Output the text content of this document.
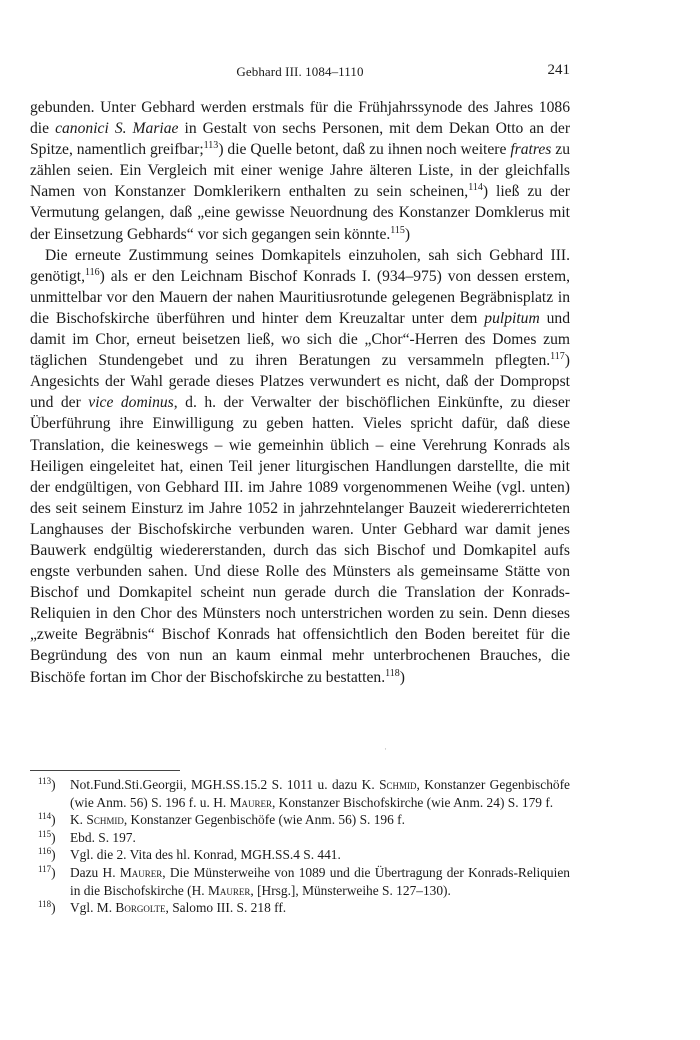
Gebhard III. 1084–1110	241

gebunden. Unter Gebhard werden erstmals für die Frühjahrssynode des Jahres 1086 die canonici S. Mariae in Gestalt von sechs Personen, mit dem Dekan Otto an der Spitze, namentlich greifbar;$^{113}$) die Quelle betont, daß zu ihnen noch weitere fratres zu zählen seien. Ein Vergleich mit einer wenige Jahre älteren Liste, in der gleichfalls Namen von Konstanzer Domklerikern enthalten zu sein scheinen,$^{114}$) ließ zu der Vermutung gelangen, daß „eine gewisse Neuordnung des Konstanzer Domklerus mit der Einsetzung Gebhards“ vor sich gegangen sein könnte.$^{115}$)

Die erneute Zustimmung seines Domkapitels einzuholen, sah sich Gebhard III. genötigt,$^{116}$) als er den Leichnam Bischof Konrads I. (934–975) von dessen erstem, unmittelbar vor den Mauern der nahen Mauritiusrotunde gelegenen Begräbnisplatz in die Bischofskirche überführen und hinter dem Kreuzaltar unter dem pulpitum und damit im Chor, erneut beisetzen ließ, wo sich die „Chor“-Herren des Domes zum täglichen Stundengebet und zu ihren Beratungen zu versammeln pflegten.$^{117}$) Angesichts der Wahl gerade dieses Platzes verwundert es nicht, daß der Dompropst und der vice dominus, d. h. der Verwalter der bischöflichen Einkünfte, zu dieser Überführung ihre Einwilligung zu geben hatten. Vieles spricht dafür, daß diese Translation, die keineswegs – wie gemeinhin üblich – eine Verehrung Konrads als Heiligen eingeleitet hat, einen Teil jener liturgischen Handlungen darstellte, die mit der endgültigen, von Gebhard III. im Jahre 1089 vorgenommenen Weihe (vgl. unten) des seit seinem Einsturz im Jahre 1052 in jahrzehntelanger Bauzeit wiedererrichteten Langhauses der Bischofskirche verbunden waren. Unter Gebhard war damit jenes Bauwerk endgültig wiedererstanden, durch das sich Bischof und Domkapitel aufs engste verbunden sahen. Und diese Rolle des Münsters als gemeinsame Stätte von Bischof und Domkapitel scheint nun gerade durch die Translation der Konrads-Reliquien in den Chor des Münsters noch unterstrichen worden zu sein. Denn dieses „zweite Begräbnis“ Bischof Konrads hat offensichtlich den Boden bereitet für die Begründung des von nun an kaum einmal mehr unterbrochenen Brauches, die Bischöfe fortan im Chor der Bischofskirche zu bestatten.$^{118}$)

·
$^{113}$) Not.Fund.Sti.Georgii, MGH.SS.15.2 S. 1011 u. dazu K. Schmid, Konstanzer Gegenbischöfe (wie Anm. 56) S. 196 f. u. H. Maurer, Konstanzer Bischofskirche (wie Anm. 24) S. 179 f.
$^{114}$) K. Schmid, Konstanzer Gegenbischöfe (wie Anm. 56) S. 196 f.
$^{115}$) Ebd. S. 197.
$^{116}$) Vgl. die 2. Vita des hl. Konrad, MGH.SS.4 S. 441.
$^{117}$) Dazu H. Maurer, Die Münsterweihe von 1089 und die Übertragung der Konrads-Reliquien in die Bischofskirche (H. Maurer, [Hrsg.], Münsterweihe S. 127–130).
$^{118}$) Vgl. M. Borgolte, Salomo III. S. 218 ff.
